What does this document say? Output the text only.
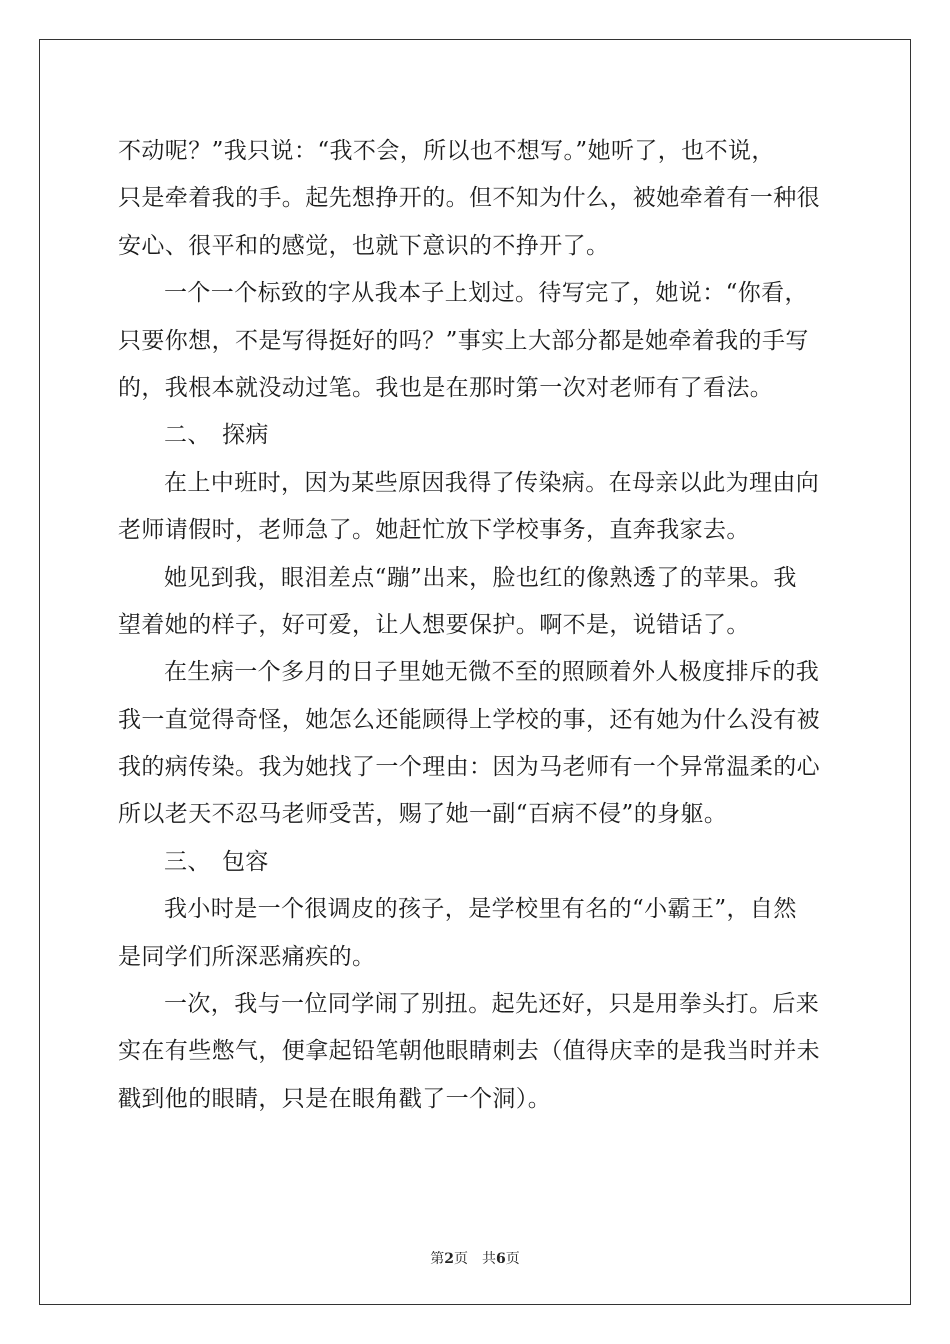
不动呢？”我只说：“我不会，所以也不想写。”她听了，也不说，
只是牵着我的手。起先想挣开的。但不知为什么，被她牵着有一种很
安心、很平和的感觉，也就下意识的不挣开了。
一个一个标致的字从我本子上划过。待写完了，她说：“你看，
只要你想，不是写得挺好的吗？”事实上大部分都是她牵着我的手写
的，我根本就没动过笔。我也是在那时第一次对老师有了看法。
二、 探病
在上中班时，因为某些原因我得了传染病。在母亲以此为理由向
老师请假时，老师急了。她赶忙放下学校事务，直奔我家去。
她见到我，眼泪差点“蹦”出来，脸也红的像熟透了的苹果。我
望着她的样子，好可爱，让人想要保护。啊不是，说错话了。
在生病一个多月的日子里她无微不至的照顾着外人极度排斥的我
我一直觉得奇怪，她怎么还能顾得上学校的事，还有她为什么没有被
我的病传染。我为她找了一个理由：因为马老师有一个异常温柔的心
所以老天不忍马老师受苦，赐了她一副“百病不侵”的身躯。
三、 包容
我小时是一个很调皮的孩子，是学校里有名的“小霸王”，自然
是同学们所深恶痛疾的。
一次，我与一位同学闹了别扭。起先还好，只是用拳头打。后来
实在有些憋气，便拿起铅笔朝他眼睛刺去（值得庆幸的是我当时并未
戳到他的眼睛，只是在眼角戳了一个洞）。
第2页 共6页
